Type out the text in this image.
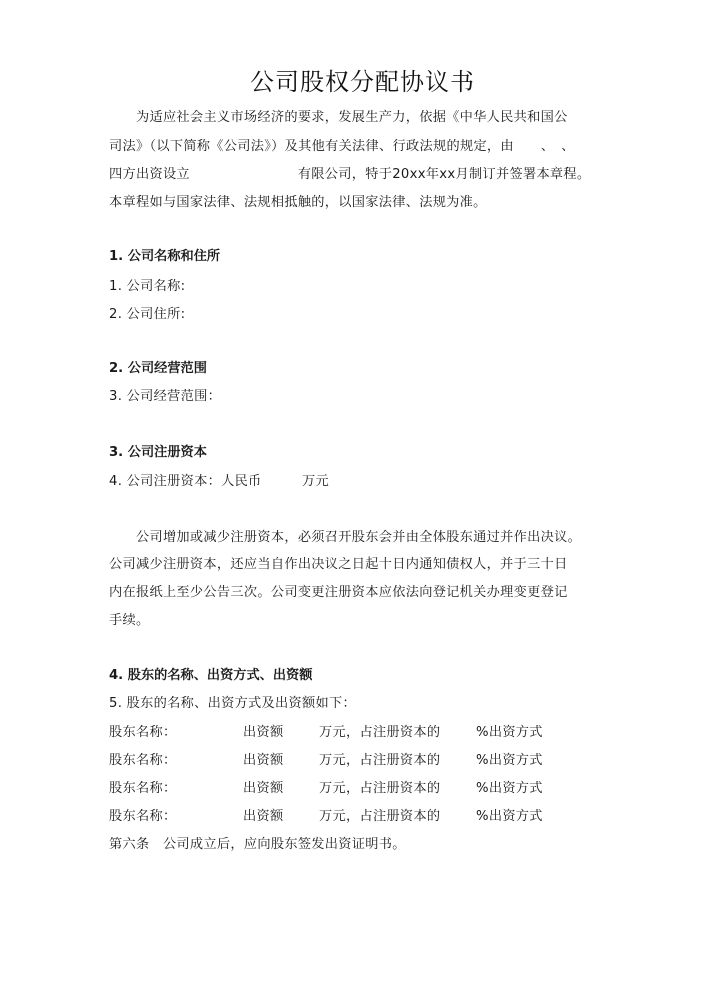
公司股权分配协议书
　　为适应社会主义市场经济的要求，发展生产力，依据《中华人民共和国公
司法》（以下简称《公司法》）及其他有关法律、行政法规的规定，由　　、　、
四方出资设立　　　　　　　　有限公司，特于20xx年xx月制订并签署本章程。
本章程如与国家法律、法规相抵触的，以国家法律、法规为准。
1. 公司名称和住所
1. 公司名称:
2. 公司住所:
2. 公司经营范围
3. 公司经营范围：
3. 公司注册资本
4. 公司注册资本：人民币　　　万元
　　公司增加或减少注册资本，必须召开股东会并由全体股东通过并作出决议。
公司减少注册资本，还应当自作出决议之日起十日内通知债权人，并于三十日
内在报纸上至少公告三次。公司变更注册资本应依法向登记机关办理变更登记
手续。
4. 股东的名称、出资方式、出资额
5. 股东的名称、出资方式及出资额如下：
股东名称：	出资额	万元，占注册资本的	%出资方式
股东名称：	出资额	万元，占注册资本的	%出资方式
股东名称：	出资额	万元，占注册资本的	%出资方式
股东名称：	出资额	万元，占注册资本的	%出资方式
第六条　公司成立后，应向股东签发出资证明书。
